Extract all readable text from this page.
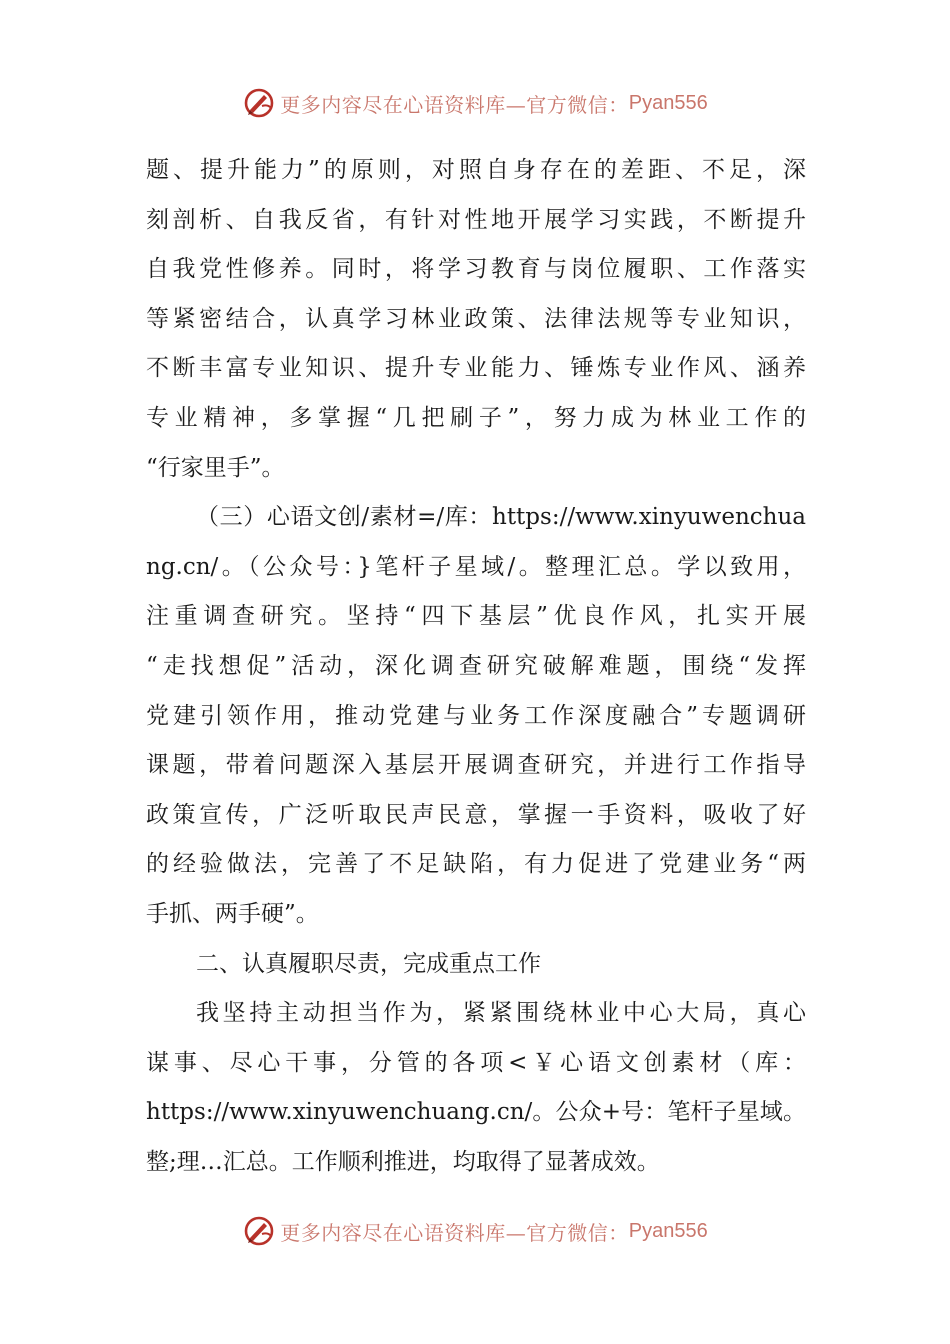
更多内容尽在心语资料库—官方微信： Pyan556
题、提升能力”的原则，对照自身存在的差距、不足，深
刻剖析、自我反省，有针对性地开展学习实践，不断提升
自我党性修养。同时，将学习教育与岗位履职、工作落实
等紧密结合，认真学习林业政策、法律法规等专业知识，
不断丰富专业知识、提升专业能力、锤炼专业作风、涵养
专业精神，多掌握“几把刷子”，努力成为林业工作的
“行家里手”。
（三）心语文创/素材=/库：https://www.xinyuwenchua
ng.cn/。（公众号：}笔杆子星域/。整理汇总。学以致用，
注重调查研究。坚持“四下基层”优良作风，扎实开展
“走找想促”活动，深化调查研究破解难题，围绕“发挥
党建引领作用，推动党建与业务工作深度融合”专题调研
课题，带着问题深入基层开展调查研究，并进行工作指导
政策宣传，广泛听取民声民意，掌握一手资料，吸收了好
的经验做法，完善了不足缺陷，有力促进了党建业务“两
手抓、两手硬”。
二、认真履职尽责，完成重点工作
我坚持主动担当作为，紧紧围绕林业中心大局，真心
谋事、尽心干事，分管的各项<￥心语文创素材（库：
https://www.xinyuwenchuang.cn/。公众+号：笔杆子星域。
整;理…汇总。工作顺利推进，均取得了显著成效。
更多内容尽在心语资料库—官方微信： Pyan556
